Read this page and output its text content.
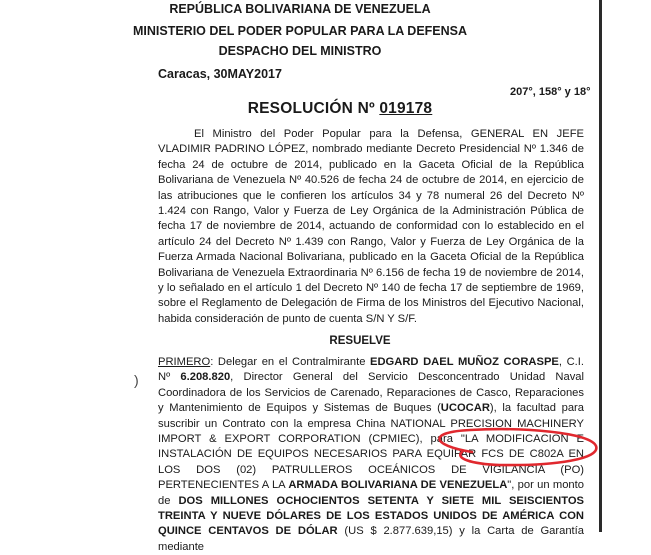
REPÚBLICA BOLIVARIANA DE VENEZUELA
MINISTERIO DEL PODER POPULAR PARA LA DEFENSA
DESPACHO DEL MINISTRO
Caracas, 30MAY2017
207°, 158° y 18°
RESOLUCIÓN Nº 019178
El Ministro del Poder Popular para la Defensa, GENERAL EN JEFE VLADIMIR PADRINO LÓPEZ, nombrado mediante Decreto Presidencial Nº 1.346 de fecha 24 de octubre de 2014, publicado en la Gaceta Oficial de la República Bolivariana de Venezuela Nº 40.526 de fecha 24 de octubre de 2014, en ejercicio de las atribuciones que le confieren los artículos 34 y 78 numeral 26 del Decreto Nº 1.424 con Rango, Valor y Fuerza de Ley Orgánica de la Administración Pública de fecha 17 de noviembre de 2014, actuando de conformidad con lo establecido en el artículo 24 del Decreto Nº 1.439 con Rango, Valor y Fuerza de Ley Orgánica de la Fuerza Armada Nacional Bolivariana, publicado en la Gaceta Oficial de la República Bolivariana de Venezuela Extraordinaria Nº 6.156 de fecha 19 de noviembre de 2014, y lo señalado en el artículo 1 del Decreto Nº 140 de fecha 17 de septiembre de 1969, sobre el Reglamento de Delegación de Firma de los Ministros del Ejecutivo Nacional, habida consideración de punto de cuenta S/N Y S/F.
RESUELVE
)
PRIMERO: Delegar en el Contralmirante EDGARD DAEL MUÑOZ CORASPE, C.I. Nº 6.208.820, Director General del Servicio Desconcentrado Unidad Naval Coordinadora de los Servicios de Carenado, Reparaciones de Casco, Reparaciones y Mantenimiento de Equipos y Sistemas de Buques (UCOCAR), la facultad para suscribir un Contrato con la empresa China NATIONAL PRECISION MACHINERY IMPORT & EXPORT CORPORATION (CPMIEC), para "LA MODIFICACIÓN E INSTALACIÓN DE EQUIPOS NECESARIOS PARA EQUIPAR FCS DE C802A EN LOS DOS (02) PATRULLEROS OCEÁNICOS DE VIGILANCIA (PO) PERTENECIENTES A LA ARMADA BOLIVARIANA DE VENEZUELA", por un monto de DOS MILLONES OCHOCIENTOS SETENTA Y SIETE MIL SEISCIENTOS TREINTA Y NUEVE DÓLARES DE LOS ESTADOS UNIDOS DE AMÉRICA CON QUINCE CENTAVOS DE DÓLAR (US $ 2.877.639,15) y la Carta de Garantía mediante
